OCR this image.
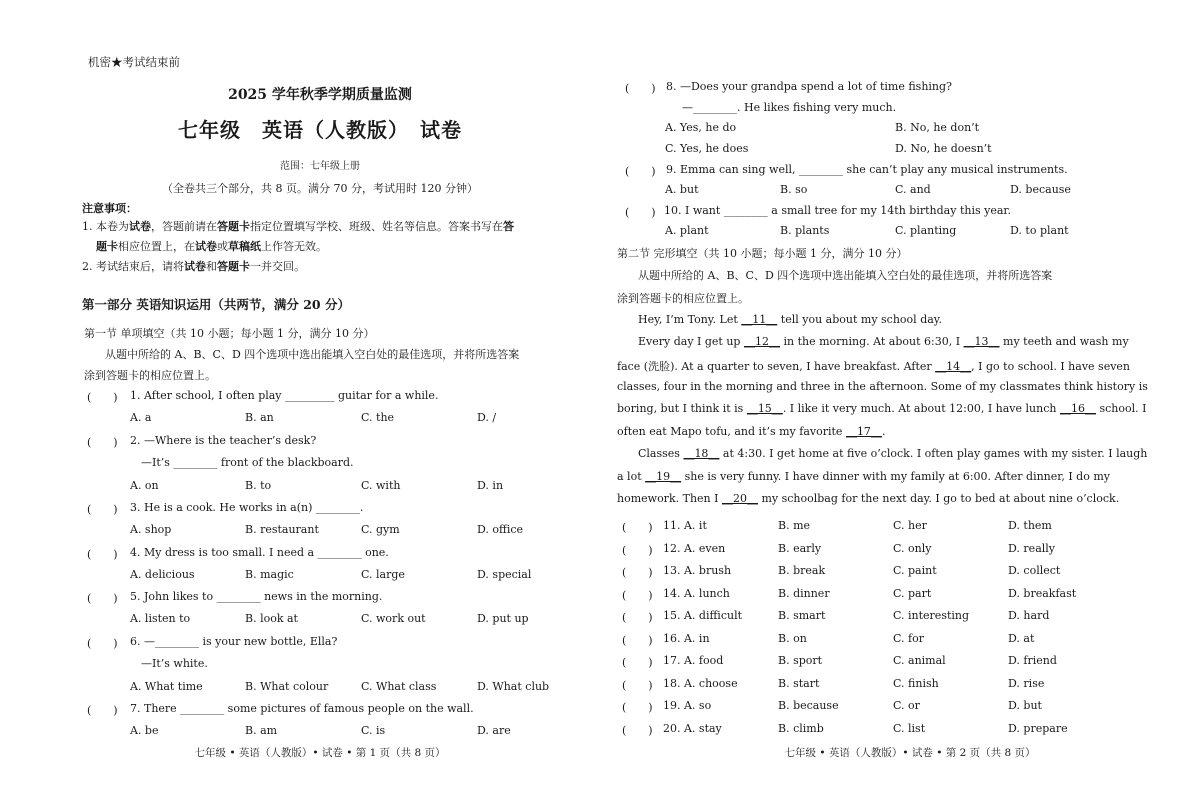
机密★考试结束前
2025 学年秋季学期质量监测
七年级　英语（人教版）　试卷
范围：七年级上册
（全卷共三个部分，共 8 页。满分 70 分，考试用时 120 分钟）
注意事项：
1. 本卷为试卷，答题前请在答题卡指定位置填写学校、班级、姓名等信息。答案书写在答
题卡相应位置上，在试卷或草稿纸上作答无效。
2. 考试结束后，请将试卷和答题卡一并交回。
第一部分 英语知识运用（共两节，满分 20 分）
第一节 单项填空（共 10 小题；每小题 1 分，满分 10 分）
从题中所给的 A、B、C、D 四个选项中选出能填入空白处的最佳选项，并将所选答案
涂到答题卡的相应位置上。
(　　) 1. After school, I often play _________ guitar for a while.
A. a	B. an	C. the	D. /
(　　) 2. —Where is the teacher’s desk?
—It’s ________ front of the blackboard.
A. on	B. to	C. with	D. in
(　　) 3. He is a cook. He works in a(n) ________.
A. shop	B. restaurant	C. gym	D. office
(　　) 4. My dress is too small. I need a ________ one.
A. delicious	B. magic	C. large	D. special
(　　) 5. John likes to ________ news in the morning.
A. listen to	B. look at	C. work out	D. put up
(　　) 6. —________ is your new bottle, Ella?
—It’s white.
A. What time	B. What colour	C. What class	D. What club
(　　) 7. There ________ some pictures of famous people on the wall.
A. be	B. am	C. is	D. are
七年级 • 英语（人教版）• 试卷 • 第 1 页（共 8 页）
(　　) 8. —Does your grandpa spend a lot of time fishing?
—________. He likes fishing very much.
A. Yes, he do	B. No, he don’t
C. Yes, he does	D. No, he doesn’t
(　　) 9. Emma can sing well, ________ she can’t play any musical instruments.
A. but	B. so	C. and	D. because
(　　) 10. I want ________ a small tree for my 14th birthday this year.
A. plant	B. plants	C. planting	D. to plant
第二节 完形填空（共 10 小题；每小题 1 分，满分 10 分）
从题中所给的 A、B、C、D 四个选项中选出能填入空白处的最佳选项，并将所选答案
涂到答题卡的相应位置上。
Hey, I’m Tony. Let __11__ tell you about my school day.
Every day I get up __12__ in the morning. At about 6:30, I __13__ my teeth and wash my
face (洗脸). At a quarter to seven, I have breakfast. After __14__, I go to school. I have seven
classes, four in the morning and three in the afternoon. Some of my classmates think history is
boring, but I think it is __15__. I like it very much. At about 12:00, I have lunch __16__ school. I
often eat Mapo tofu, and it’s my favorite __17__.
Classes __18__ at 4:30. I get home at five o’clock. I often play games with my sister. I laugh
a lot __19__ she is very funny. I have dinner with my family at 6:00. After dinner, I do my
homework. Then I __20__ my schoolbag for the next day. I go to bed at about nine o’clock.
(　　) 11. A. it	B. me	C. her	D. them
(　　) 12. A. even	B. early	C. only	D. really
(　　) 13. A. brush	B. break	C. paint	D. collect
(　　) 14. A. lunch	B. dinner	C. part	D. breakfast
(　　) 15. A. difficult	B. smart	C. interesting	D. hard
(　　) 16. A. in	B. on	C. for	D. at
(　　) 17. A. food	B. sport	C. animal	D. friend
(　　) 18. A. choose	B. start	C. finish	D. rise
(　　) 19. A. so	B. because	C. or	D. but
(　　) 20. A. stay	B. climb	C. list	D. prepare
七年级 • 英语（人教版）• 试卷 • 第 2 页（共 8 页）
